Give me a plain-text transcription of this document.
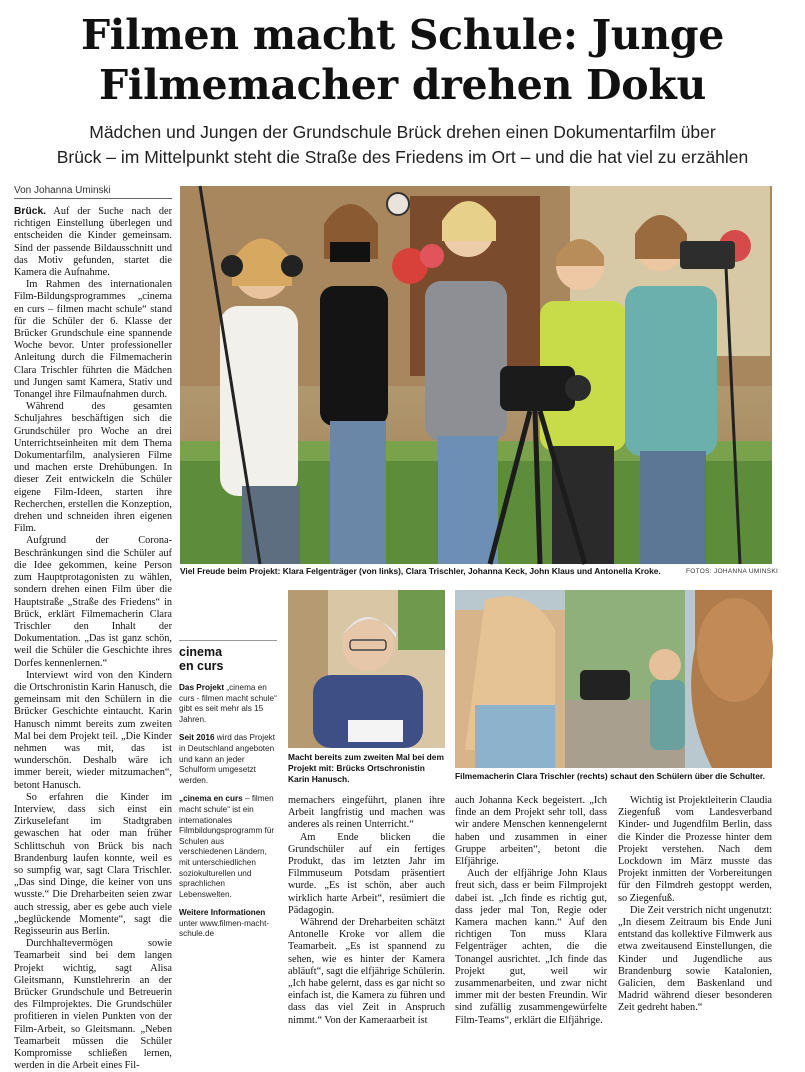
Filmen macht Schule: Junge
Filmemacher drehen Doku
Mädchen und Jungen der Grundschule Brück drehen einen Dokumentarfilm über
Brück – im Mittelpunkt steht die Straße des Friedens im Ort – und die hat viel zu erzählen
Von Johanna Uminski

Brück. Auf der Suche nach der richtigen Einstellung überlegen und entscheiden die Kinder gemeinsam. Sind der passende Bildausschnitt und das Motiv gefunden, startet die Kamera die Aufnahme.

Im Rahmen des internationalen Film-Bildungsprogrammes „cinema en curs – filmen macht schule“ stand für die Schüler der 6. Klasse der Brücker Grundschule eine spannende Woche bevor. Unter professioneller Anleitung durch die Filmemacherin Clara Trischler führten die Mädchen und Jungen samt Kamera, Stativ und Tonangel ihre Filmaufnahmen durch.

Während des gesamten Schuljahres beschäftigen sich die Grundschüler pro Woche an drei Unterrichtseinheiten mit dem Thema Dokumentarfilm, analysieren Filme und machen erste Drehübungen. In dieser Zeit entwickeln die Schüler eigene Film-Ideen, starten ihre Recherchen, erstellen die Konzeption, drehen und schneiden ihren eigenen Film.

Aufgrund der Corona-Beschränkungen sind die Schüler auf die Idee gekommen, keine Person zum Hauptprotagonisten zu wählen, sondern drehen einen Film über die Hauptstraße „Straße des Friedens“ in Brück, erklärt Filmemacherin Clara Trischler den Inhalt der Dokumentation. „Das ist ganz schön, weil die Schüler die Geschichte ihres Dorfes kennenlernen.“

Interviewt wird von den Kindern die Ortschronistin Karin Hanusch, die gemeinsam mit den Schülern in die Brücker Geschichte eintaucht. Karin Hanusch nimmt bereits zum zweiten Mal bei dem Projekt teil. „Die Kinder nehmen was mit, das ist wunderschön. Deshalb wäre ich immer bereit, wieder mitzumachen“, betont Hanusch.

So erfahren die Kinder im Interview, dass sich einst ein Zirkuselefant im Stadtgraben gewaschen hat oder man früher Schlittschuh von Brück bis nach Brandenburg laufen konnte, weil es so sumpfig war, sagt Clara Trischler. „Das sind Dinge, die keiner von uns wusste.“ Die Dreharbeiten seien zwar auch stressig, aber es gebe auch viele „beglückende Momente“, sagt die Regisseurin aus Berlin.

Durchhaltevermögen sowie Teamarbeit sind bei dem langen Projekt wichtig, sagt Alisa Gleitsmann, Kunstlehrerin an der Brücker Grundschule und Betreuerin des Filmprojektes. Die Grundschüler profitieren in vielen Punkten von der Film-Arbeit, so Gleitsmann. „Neben Teamarbeit müssen die Schüler Kompromisse schließen lernen, werden in die Arbeit eines Fil-

Viel Freude beim Projekt: Klara Felgenträger (von links), Clara Trischler, Johanna Keck, John Klaus und Antonella Kroke.	FOTOS: JOHANNA UMINSKI
cinema
en curs

Das Projekt „cinema en curs - filmen macht schule“ gibt es seit mehr als 15 Jahren.

Seit 2016 wird das Projekt in Deutschland angeboten und kann an jeder Schulform umgesetzt werden.

„cinema en curs – filmen macht schule“ ist ein internationales Filmbildungsprogramm für Schulen aus verschiedenen Ländern, mit unterschiedlichen soziokulturellen und sprachlichen Lebenswelten.

Weitere Informationen unter www.filmen-macht-schule.de

Macht bereits zum zweiten Mal bei dem Projekt mit: Brücks Ortschronistin Karin Hanusch.	Filmemacherin Clara Trischler (rechts) schaut den Schülern über die Schulter.

memachers eingeführt, planen ihre Arbeit langfristig und machen was anderes als reinen Unterricht.“

Am Ende blicken die Grundschüler auf ein fertiges Produkt, das im letzten Jahr im Filmmuseum Potsdam präsentiert wurde. „Es ist schön, aber auch wirklich harte Arbeit“, resümiert die Pädagogin.

Während der Dreharbeiten schätzt Antonelle Kroke vor allem die Teamarbeit. „Es ist spannend zu sehen, wie es hinter der Kamera abläuft“, sagt die elfjährige Schülerin. „Ich habe gelernt, dass es gar nicht so einfach ist, die Kamera zu führen und dass das viel Zeit in Anspruch nimmt.“ Von der Kameraarbeit ist

auch Johanna Keck begeistert. „Ich finde an dem Projekt sehr toll, dass wir andere Menschen kennengelernt haben und zusammen in einer Gruppe arbeiten“, betont die Elfjährige.

Auch der elfjährige John Klaus freut sich, dass er beim Filmprojekt dabei ist. „Ich finde es richtig gut, dass jeder mal Ton, Regie oder Kamera machen kann.“ Auf den richtigen Ton muss Klara Felgenträger achten, die die Tonangel ausrichtet. „Ich finde das Projekt gut, weil wir zusammenarbeiten, und zwar nicht immer mit der besten Freundin. Wir sind zufällig zusammengewürfelte Film-Teams“, erklärt die Elfjährige.

Wichtig ist Projektleiterin Claudia Ziegenfuß vom Landesverband Kinder- und Jugendfilm Berlin, dass die Kinder die Prozesse hinter dem Projekt verstehen. Nach dem Lockdown im März musste das Projekt inmitten der Vorbereitungen für den Filmdreh gestoppt werden, so Ziegenfuß.

Die Zeit verstrich nicht ungenutzt: „In diesem Zeitraum bis Ende Juni entstand das kollektive Filmwerk aus etwa zweitausend Einstellungen, die Kinder und Jugendliche aus Brandenburg sowie Katalonien, Galicien, dem Baskenland und Madrid während dieser besonderen Zeit gedreht haben.“
